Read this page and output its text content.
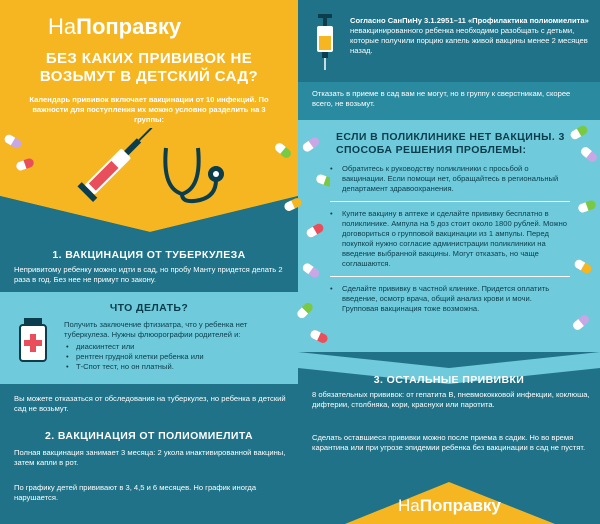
НаПоправку
БЕЗ КАКИХ ПРИВИВОК НЕ ВОЗЬМУТ В ДЕТСКИЙ САД?
Календарь прививок включает вакцинации от 10 инфекций. По важности для поступления их можно условно разделить на 3 группы:
1. ВАКЦИНАЦИЯ ОТ ТУБЕРКУЛЕЗА
Непривитому ребенку можно идти в сад, но пробу Манту придется делать 2 раза в год. Без нее не примут по закону.
ЧТО ДЕЛАТЬ?
Получить заключение фтизиатра, что у ребенка нет туберкулеза. Нужны флюорографии родителей и:
• диаскинтест или
• рентген грудной клетки ребенка или
• Т-Спот тест, но он платный.
Вы можете отказаться от обследования на туберкулез, но ребенка в детский сад не возьмут.
2. ВАКЦИНАЦИЯ ОТ ПОЛИОМИЕЛИТА
Полная вакцинация занимает 3 месяца: 2 укола инактивированной вакцины, затем капли в рот.
По графику детей прививают в 3, 4,5 и 6 месяцев. Но график иногда нарушается.
Согласно СанПиНу 3.1.2951–11 «Профилактика полиомиелита» невакцинированного ребенка необходимо разобщать с детьми, которые получили порцию капель живой вакцины менее 2 месяцев назад.
Отказать в приеме в сад вам не могут, но в группу к сверстникам, скорее всего, не возьмут.
ЕСЛИ В ПОЛИКЛИНИКЕ НЕТ ВАКЦИНЫ. 3 СПОСОБА РЕШЕНИЯ ПРОБЛЕМЫ:
• Обратитесь к руководству поликлиники с просьбой о вакцинации. Если помощи нет, обращайтесь в региональный департамент здравоохранения.
• Купите вакцину в аптеке и сделайте прививку бесплатно в поликлинике. Ампула на 5 доз стоит около 1800 рублей. Можно договориться о групповой вакцинации из 1 ампулы. Перед покупкой нужно согласие администрации поликлиники на введение выбранной вакцины. Могут отказать, но чаще соглашаются.
• Сделайте прививку в частной клинике. Придется оплатить введение, осмотр врача, общий анализ крови и мочи. Групповая вакцинация тоже возможна.
3. ОСТАЛЬНЫЕ ПРИВИВКИ
8 обязательных прививок: от гепатита В, пневмококковой инфекции, коклюша, дифтерии, столбняка, кори, краснухи или паротита.
Сделать оставшиеся прививки можно после приема в садик. Но во время карантина или при угрозе эпидемии ребенка без вакцинации в сад не пустят.
НаПоправку
